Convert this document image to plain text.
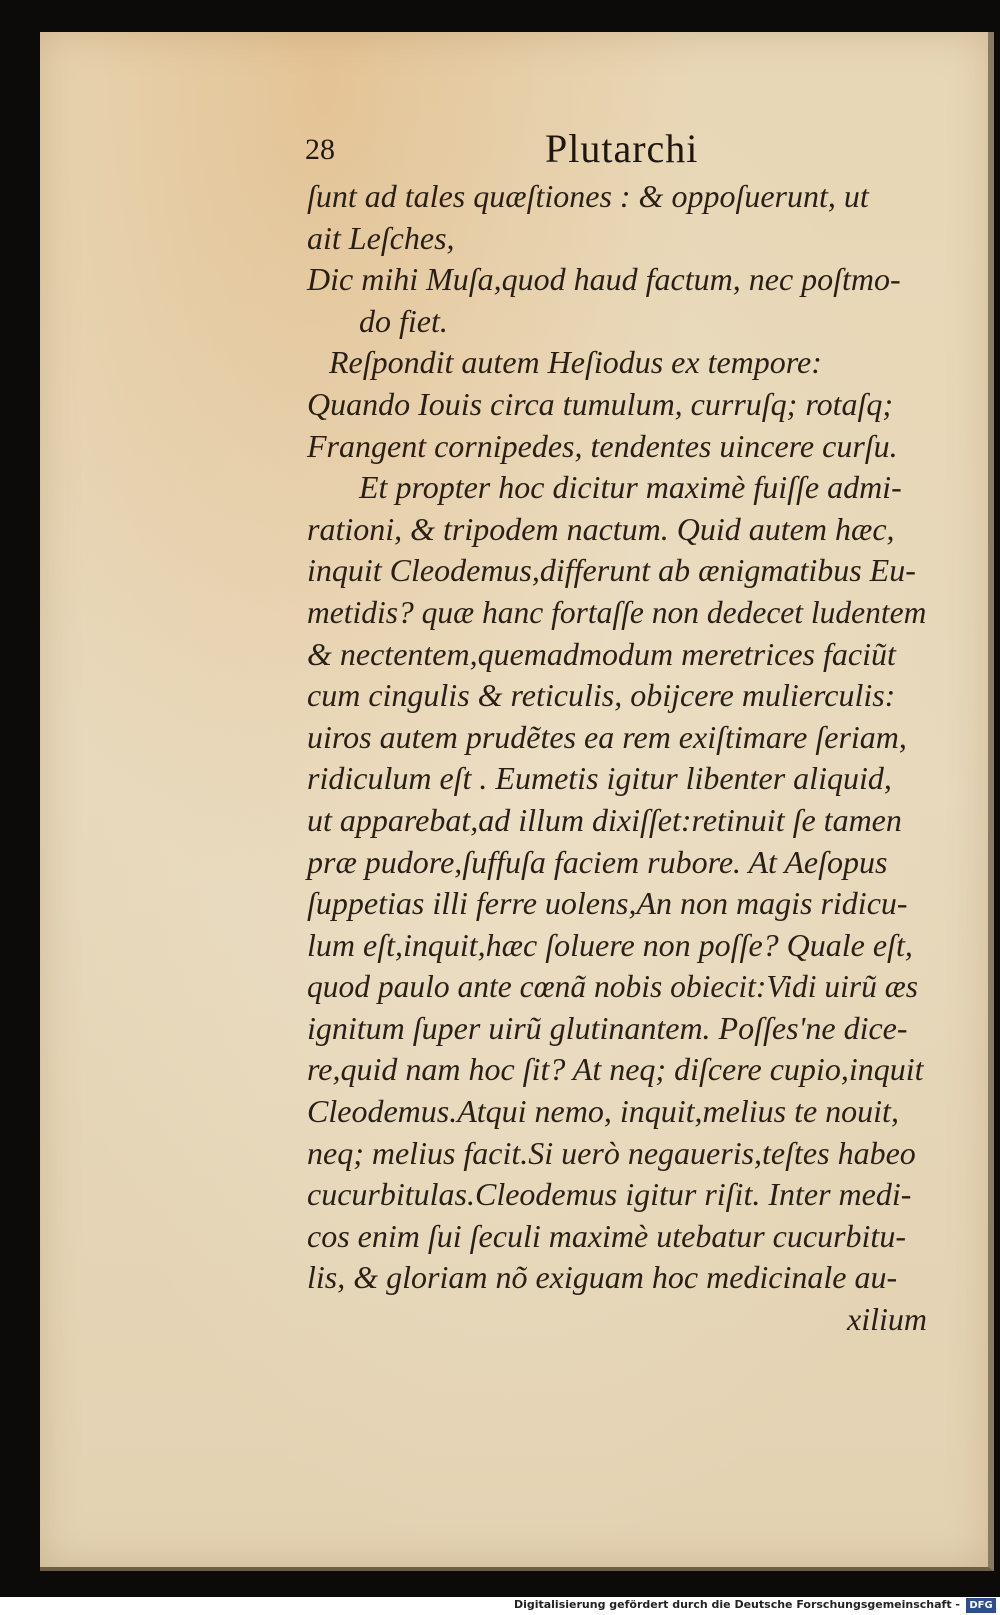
28	Plutarchi
ſunt ad tales quæſtiones : & oppoſuerunt, ut
ait Leſches,
Dic mihi Muſa,quod haud factum, nec poſtmo-
do fiet.
Reſpondit autem Heſiodus ex tempore:
Quando Iouis circa tumulum, curruſq; rotaſq;
Frangent cornipedes, tendentes uincere curſu.
Et propter hoc dicitur maximè fuiſſe admi-
rationi, & tripodem nactum. Quid autem hæc,
inquit Cleodemus,differunt ab ænigmatibus Eu-
metidis? quæ hanc fortaſſe non dedecet ludentem
& nectentem,quemadmodum meretrices faciũt
cum cingulis & reticulis, obijcere mulierculis:
uiros autem prudẽtes ea rem exiſtimare ſeriam,
ridiculum eſt . Eumetis igitur libenter aliquid,
ut apparebat,ad illum dixiſſet:retinuit ſe tamen
præ pudore,ſuffuſa faciem rubore. At Aeſopus
ſuppetias illi ferre uolens,An non magis ridicu-
lum eſt,inquit,hæc ſoluere non poſſe? Quale eſt,
quod paulo ante cœnã nobis obiecit:Vidi uirũ æs
ignitum ſuper uirũ glutinantem. Poſſes'ne dice-
re,quid nam hoc ſit? At neq; diſcere cupio,inquit
Cleodemus.Atqui nemo, inquit,melius te nouit,
neq; melius facit.Si uerò negaueris,teſtes habeo
cucurbitulas.Cleodemus igitur riſit. Inter medi-
cos enim ſui ſeculi maximè utebatur cucurbitu-
lis, & gloriam nõ exiguam hoc medicinale au-
xilium
Digitalisierung gefördert durch die Deutsche Forschungsgemeinschaft - DFG
